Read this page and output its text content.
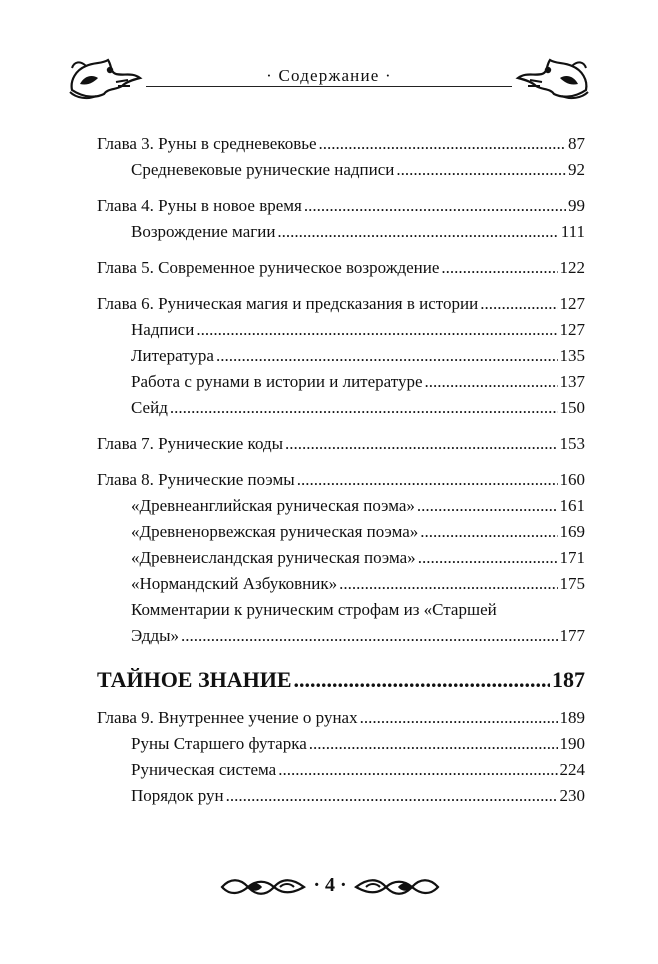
· Содержание ·
Глава 3. Руны в средневековье .....	87
Средневековые рунические надписи .....	92
Глава 4. Руны в новое время .....	99
Возрождение магии .....	111
Глава 5. Современное руническое возрождение .....	122
Глава 6. Руническая магия и предсказания в истории .....	127
Надписи .....	127
Литература .....	135
Работа с рунами в истории и литературе .....	137
Сейд .....	150
Глава 7. Рунические коды .....	153
Глава 8. Рунические поэмы .....	160
«Древнеанглийская руническая поэма» .....	161
«Древненорвежская руническая поэма» .....	169
«Древнеисландская руническая поэма» .....	171
«Нормандский Азбуковник» .....	175
Комментарии к руническим строфам из «Старшей
Эдды» .....	177
ТАЙНОЕ ЗНАНИЕ .....	187
Глава 9. Внутреннее учение о рунах .....	189
Руны Старшего футарка .....	190
Руническая система .....	224
Порядок рун .....	230
· 4 ·
